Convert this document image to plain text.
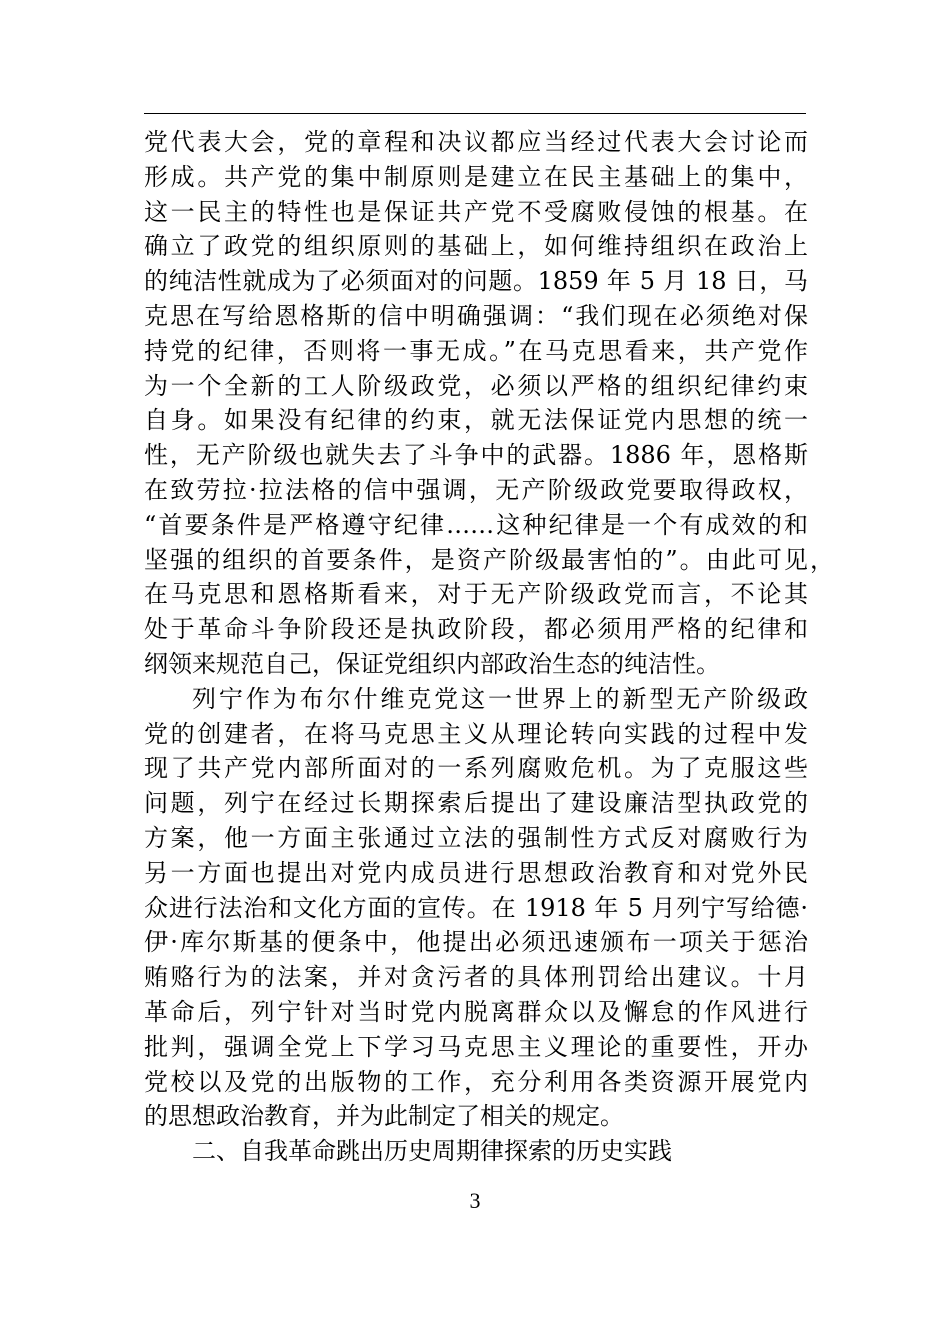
党代表大会，党的章程和决议都应当经过代表大会讨论而
形成。共产党的集中制原则是建立在民主基础上的集中，
这一民主的特性也是保证共产党不受腐败侵蚀的根基。在
确立了政党的组织原则的基础上，如何维持组织在政治上
的纯洁性就成为了必须面对的问题。1859 年 5 月 18 日，马
克思在写给恩格斯的信中明确强调：“我们现在必须绝对保
持党的纪律，否则将一事无成。”在马克思看来，共产党作
为一个全新的工人阶级政党，必须以严格的组织纪律约束
自身。如果没有纪律的约束，就无法保证党内思想的统一
性，无产阶级也就失去了斗争中的武器。1886 年，恩格斯
在致劳拉·拉法格的信中强调，无产阶级政党要取得政权，
“首要条件是严格遵守纪律……这种纪律是一个有成效的和
坚强的组织的首要条件，是资产阶级最害怕的”。由此可见，
在马克思和恩格斯看来，对于无产阶级政党而言，不论其
处于革命斗争阶段还是执政阶段，都必须用严格的纪律和
纲领来规范自己，保证党组织内部政治生态的纯洁性。
列宁作为布尔什维克党这一世界上的新型无产阶级政
党的创建者，在将马克思主义从理论转向实践的过程中发
现了共产党内部所面对的一系列腐败危机。为了克服这些
问题，列宁在经过长期探索后提出了建设廉洁型执政党的
方案，他一方面主张通过立法的强制性方式反对腐败行为
另一方面也提出对党内成员进行思想政治教育和对党外民
众进行法治和文化方面的宣传。在 1918 年 5 月列宁写给德·
伊·库尔斯基的便条中，他提出必须迅速颁布一项关于惩治
贿赂行为的法案，并对贪污者的具体刑罚给出建议。十月
革命后，列宁针对当时党内脱离群众以及懈怠的作风进行
批判，强调全党上下学习马克思主义理论的重要性，开办
党校以及党的出版物的工作，充分利用各类资源开展党内
的思想政治教育，并为此制定了相关的规定。
二、自我革命跳出历史周期律探索的历史实践
3
